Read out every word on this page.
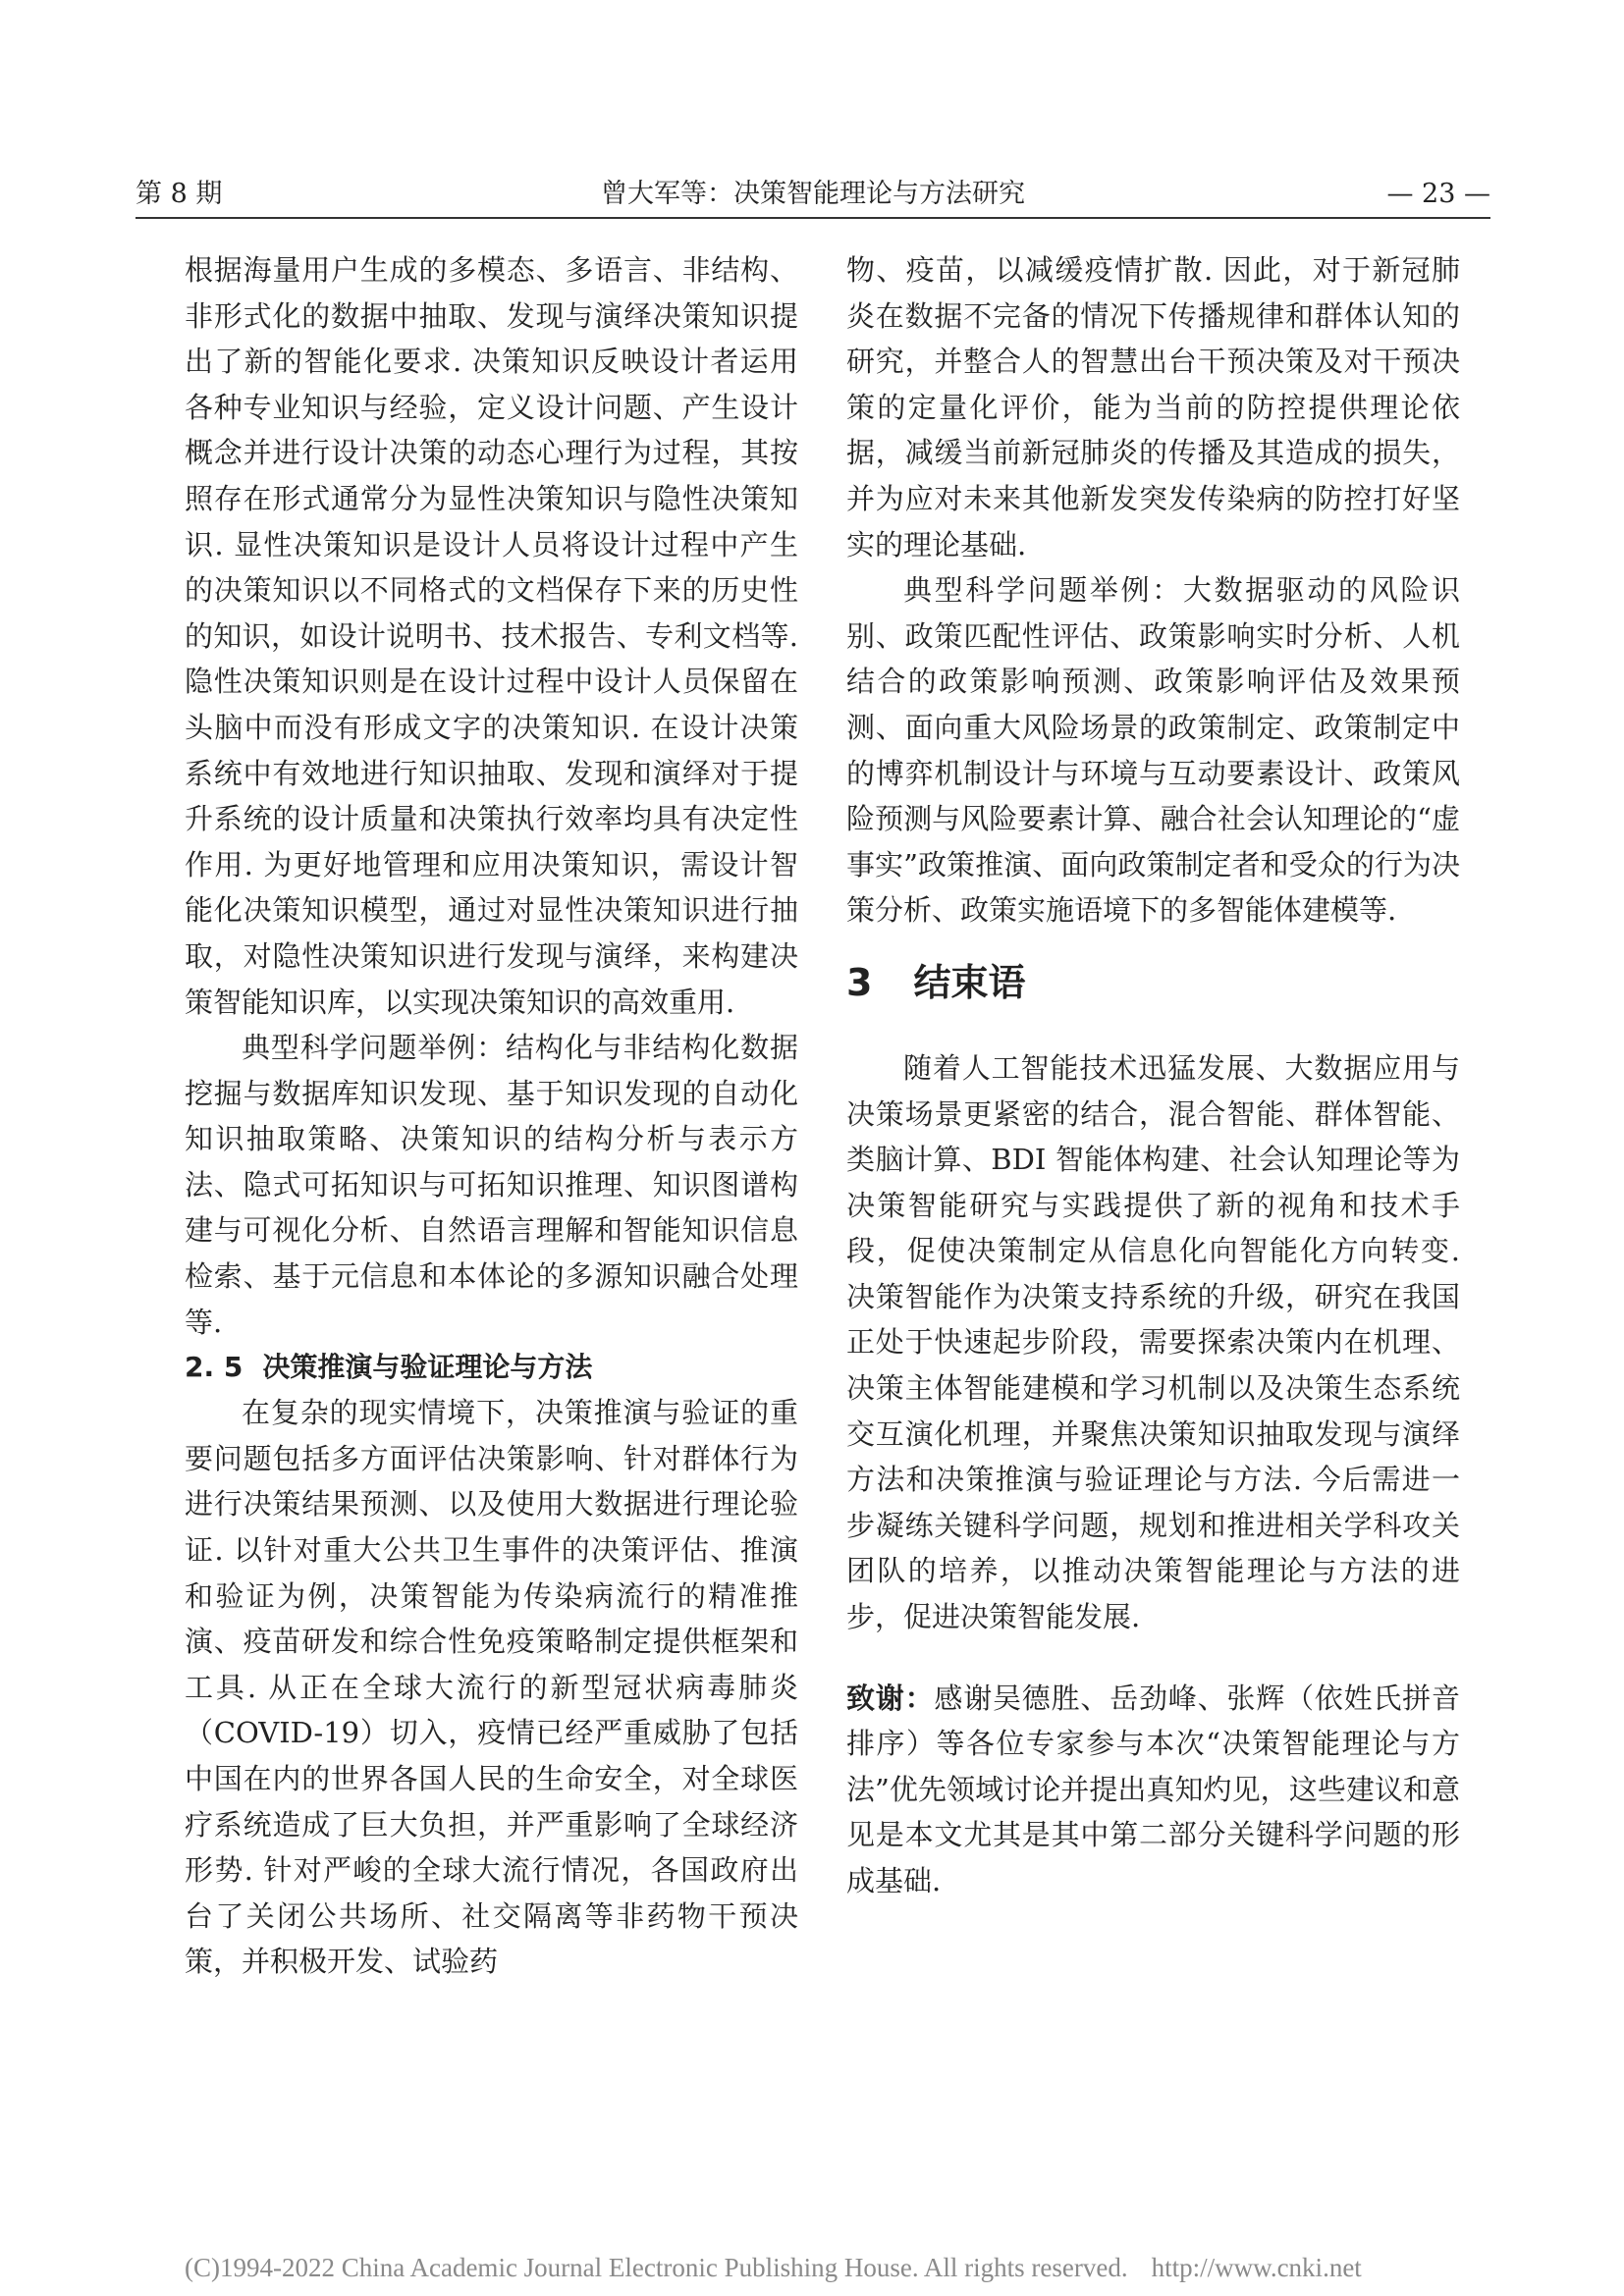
第 8 期	曾大军等：决策智能理论与方法研究	— 23 —

根据海量用户生成的多模态、多语言、非结构、非形式化的数据中抽取、发现与演绎决策知识提出了新的智能化要求. 决策知识反映设计者运用各种专业知识与经验，定义设计问题、产生设计概念并进行设计决策的动态心理行为过程，其按照存在形式通常分为显性决策知识与隐性决策知识. 显性决策知识是设计人员将设计过程中产生的决策知识以不同格式的文档保存下来的历史性的知识，如设计说明书、技术报告、专利文档等. 隐性决策知识则是在设计过程中设计人员保留在头脑中而没有形成文字的决策知识. 在设计决策系统中有效地进行知识抽取、发现和演绎对于提升系统的设计质量和决策执行效率均具有决定性作用. 为更好地管理和应用决策知识，需设计智能化决策知识模型，通过对显性决策知识进行抽取，对隐性决策知识进行发现与演绎，来构建决策智能知识库，以实现决策知识的高效重用.

典型科学问题举例：结构化与非结构化数据挖掘与数据库知识发现、基于知识发现的自动化知识抽取策略、决策知识的结构分析与表示方法、隐式可拓知识与可拓知识推理、知识图谱构建与可视化分析、自然语言理解和智能知识信息检索、基于元信息和本体论的多源知识融合处理等.

2. 5 决策推演与验证理论与方法

在复杂的现实情境下，决策推演与验证的重要问题包括多方面评估决策影响、针对群体行为进行决策结果预测、以及使用大数据进行理论验证. 以针对重大公共卫生事件的决策评估、推演和验证为例，决策智能为传染病流行的精准推演、疫苗研发和综合性免疫策略制定提供框架和工具. 从正在全球大流行的新型冠状病毒肺炎（COVID-19）切入，疫情已经严重威胁了包括中国在内的世界各国人民的生命安全，对全球医疗系统造成了巨大负担，并严重影响了全球经济形势. 针对严峻的全球大流行情况，各国政府出台了关闭公共场所、社交隔离等非药物干预决策，并积极开发、试验药

物、疫苗，以减缓疫情扩散. 因此，对于新冠肺炎在数据不完备的情况下传播规律和群体认知的研究，并整合人的智慧出台干预决策及对干预决策的定量化评价，能为当前的防控提供理论依据，减缓当前新冠肺炎的传播及其造成的损失，并为应对未来其他新发突发传染病的防控打好坚实的理论基础.

典型科学问题举例：大数据驱动的风险识别、政策匹配性评估、政策影响实时分析、人机结合的政策影响预测、政策影响评估及效果预测、面向重大风险场景的政策制定、政策制定中的博弈机制设计与环境与互动要素设计、政策风险预测与风险要素计算、融合社会认知理论的“虚事实”政策推演、面向政策制定者和受众的行为决策分析、政策实施语境下的多智能体建模等.

3 结束语

随着人工智能技术迅猛发展、大数据应用与决策场景更紧密的结合，混合智能、群体智能、类脑计算、BDI 智能体构建、社会认知理论等为决策智能研究与实践提供了新的视角和技术手段，促使决策制定从信息化向智能化方向转变. 决策智能作为决策支持系统的升级，研究在我国正处于快速起步阶段，需要探索决策内在机理、决策主体智能建模和学习机制以及决策生态系统交互演化机理，并聚焦决策知识抽取发现与演绎方法和决策推演与验证理论与方法. 今后需进一步凝练关键科学问题，规划和推进相关学科攻关团队的培养，以推动决策智能理论与方法的进步，促进决策智能发展.

致谢：感谢吴德胜、岳劲峰、张辉（依姓氏拼音排序）等各位专家参与本次“决策智能理论与方法”优先领域讨论并提出真知灼见，这些建议和意见是本文尤其是其中第二部分关键科学问题的形成基础.

(C)1994-2022 China Academic Journal Electronic Publishing House. All rights reserved. http://www.cnki.net
